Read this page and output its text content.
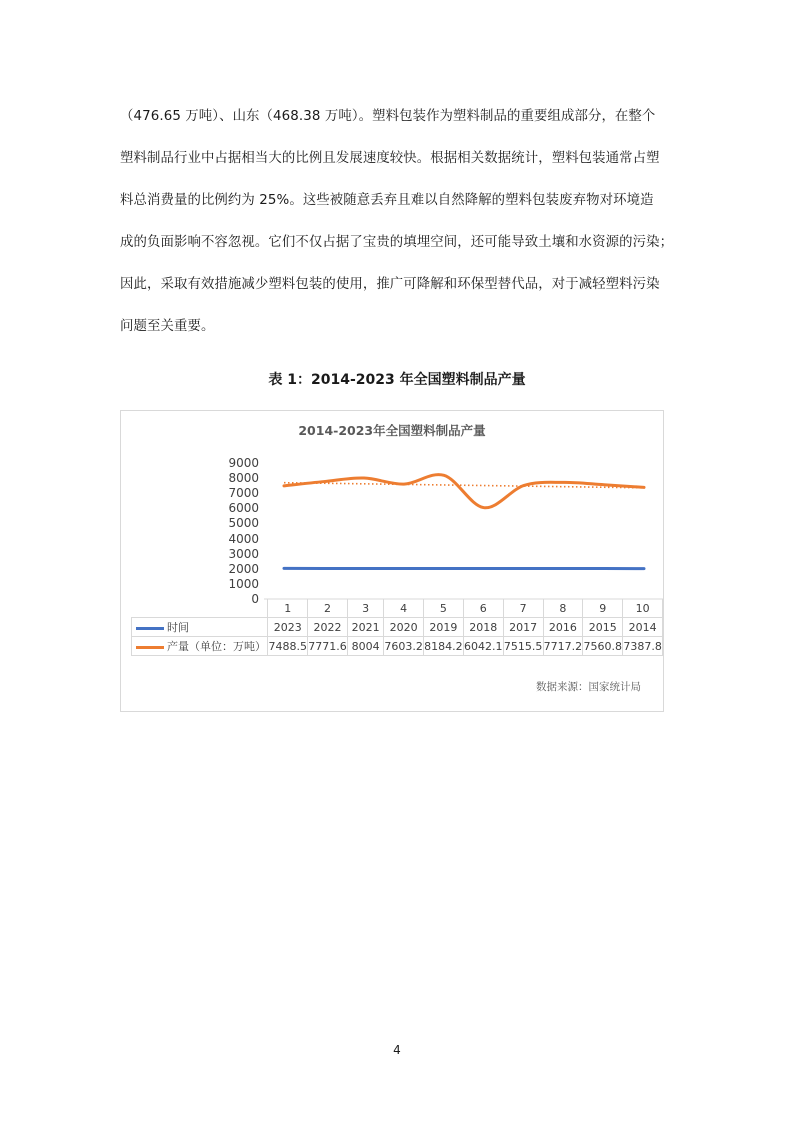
（476.65 万吨）、山东（468.38 万吨）。塑料包装作为塑料制品的重要组成部分，在整个
塑料制品行业中占据相当大的比例且发展速度较快。根据相关数据统计，塑料包装通常占塑
料总消费量的比例约为 25%。这些被随意丢弃且难以自然降解的塑料包装废弃物对环境造
成的负面影响不容忽视。它们不仅占据了宝贵的填埋空间，还可能导致土壤和水资源的污染；
因此，采取有效措施减少塑料包装的使用，推广可降解和环保型替代品，对于减轻塑料污染
问题至关重要。
表 1：2014-2023 年全国塑料制品产量
2014-2023年全国塑料制品产量
9000
8000
7000
6000
5000
4000
3000
2000
1000
0
	1	2	3	4	5	6	7	8	9	10
时间	2023	2022	2021	2020	2019	2018	2017	2016	2015	2014
产量（单位：万吨）	7488.5	7771.6	8004	7603.2	8184.2	6042.1	7515.5	7717.2	7560.8	7387.8
数据来源：国家统计局
4
